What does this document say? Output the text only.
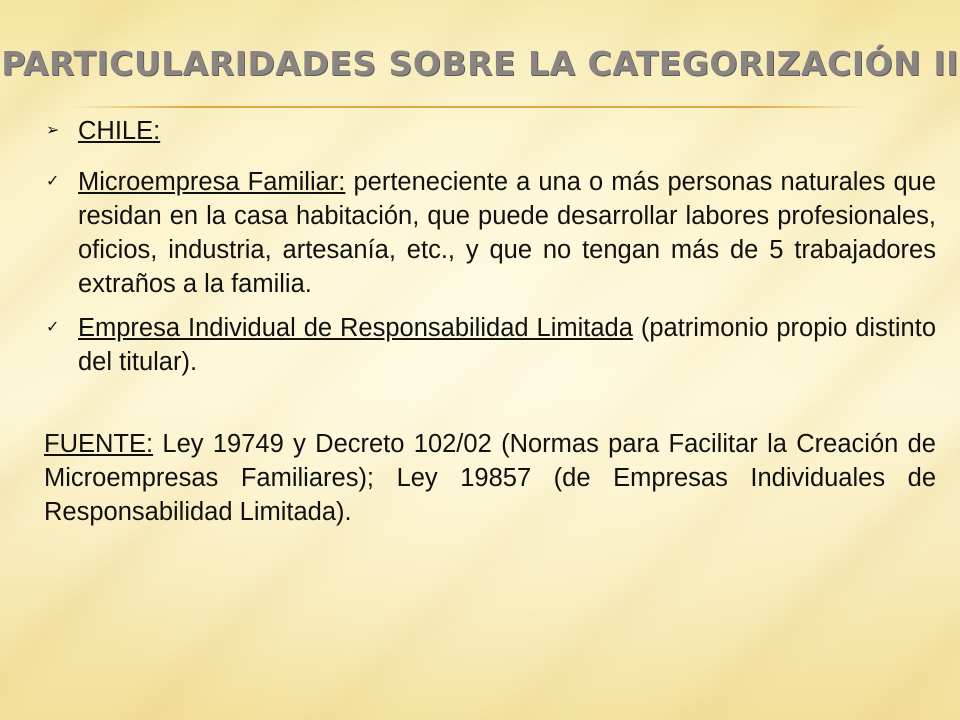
PARTICULARIDADES SOBRE LA CATEGORIZACIÓN II

➢ CHILE:

✓ Microempresa Familiar: perteneciente a una o más personas naturales que residan en la casa habitación, que puede desarrollar labores profesionales, oficios, industria, artesanía, etc., y que no tengan más de 5 trabajadores extraños a la familia.

✓ Empresa Individual de Responsabilidad Limitada (patrimonio propio distinto del titular).

FUENTE: Ley 19749 y Decreto 102/02 (Normas para Facilitar la Creación de Microempresas Familiares); Ley 19857 (de Empresas Individuales de Responsabilidad Limitada).
